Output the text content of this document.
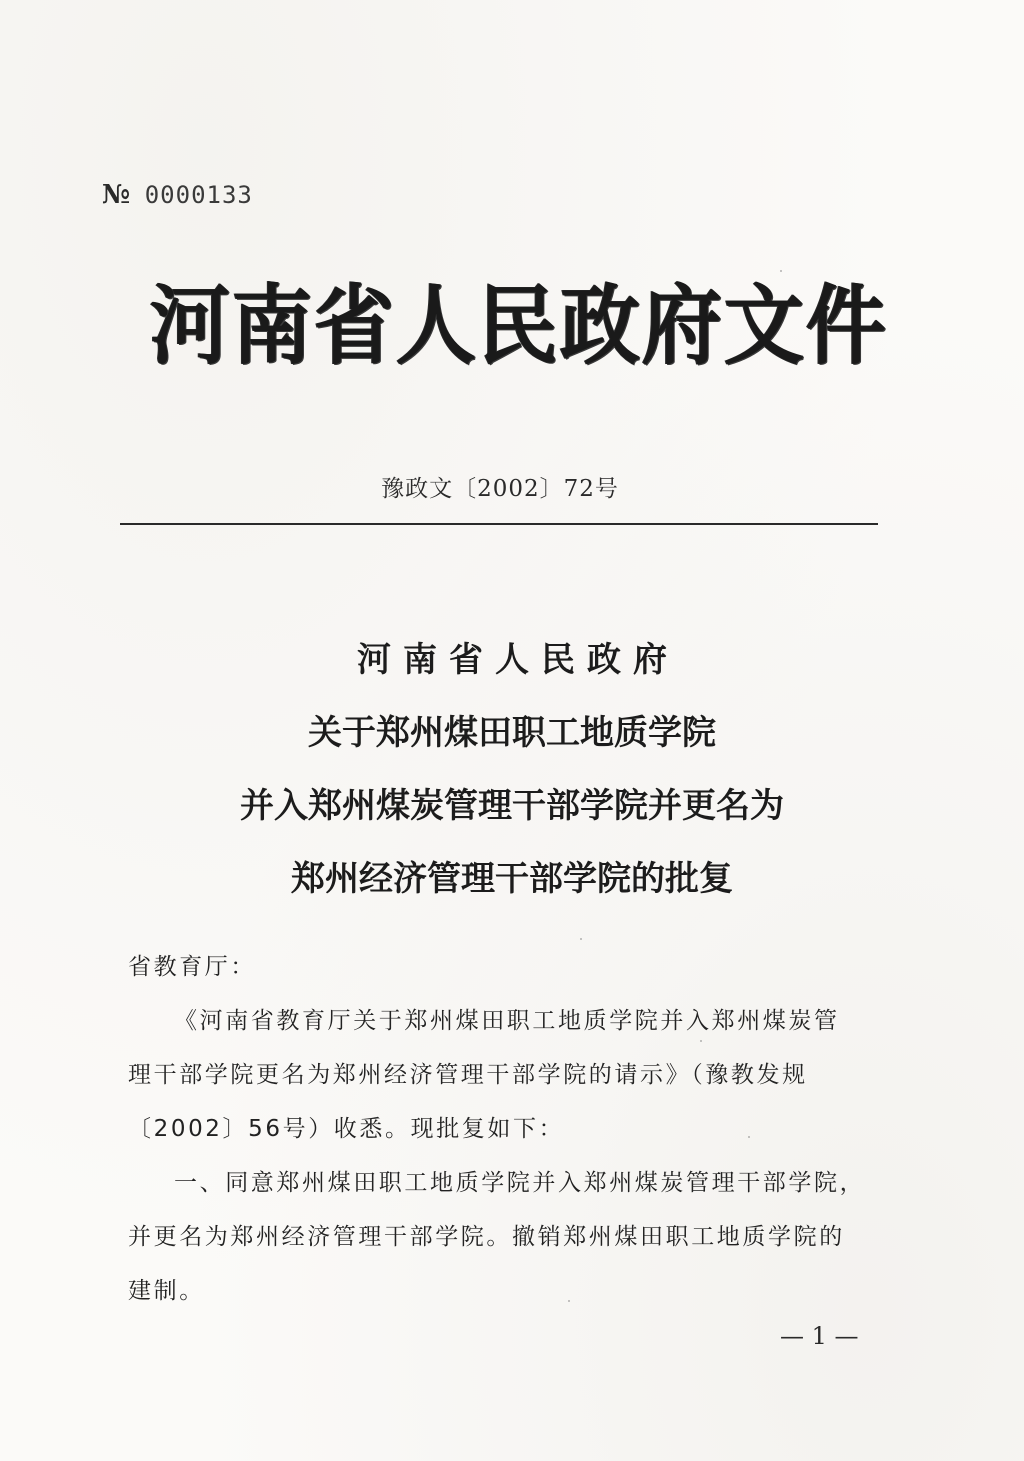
№ 0000133
河南省人民政府文件
豫政文〔2002〕72号
河南省人民政府
关于郑州煤田职工地质学院
并入郑州煤炭管理干部学院并更名为
郑州经济管理干部学院的批复
省教育厅：
《河南省教育厅关于郑州煤田职工地质学院并入郑州煤炭管
理干部学院更名为郑州经济管理干部学院的请示》（豫教发规
〔2002〕56号）收悉。现批复如下：
一、同意郑州煤田职工地质学院并入郑州煤炭管理干部学院，
并更名为郑州经济管理干部学院。撤销郑州煤田职工地质学院的
建制。
— 1 —
